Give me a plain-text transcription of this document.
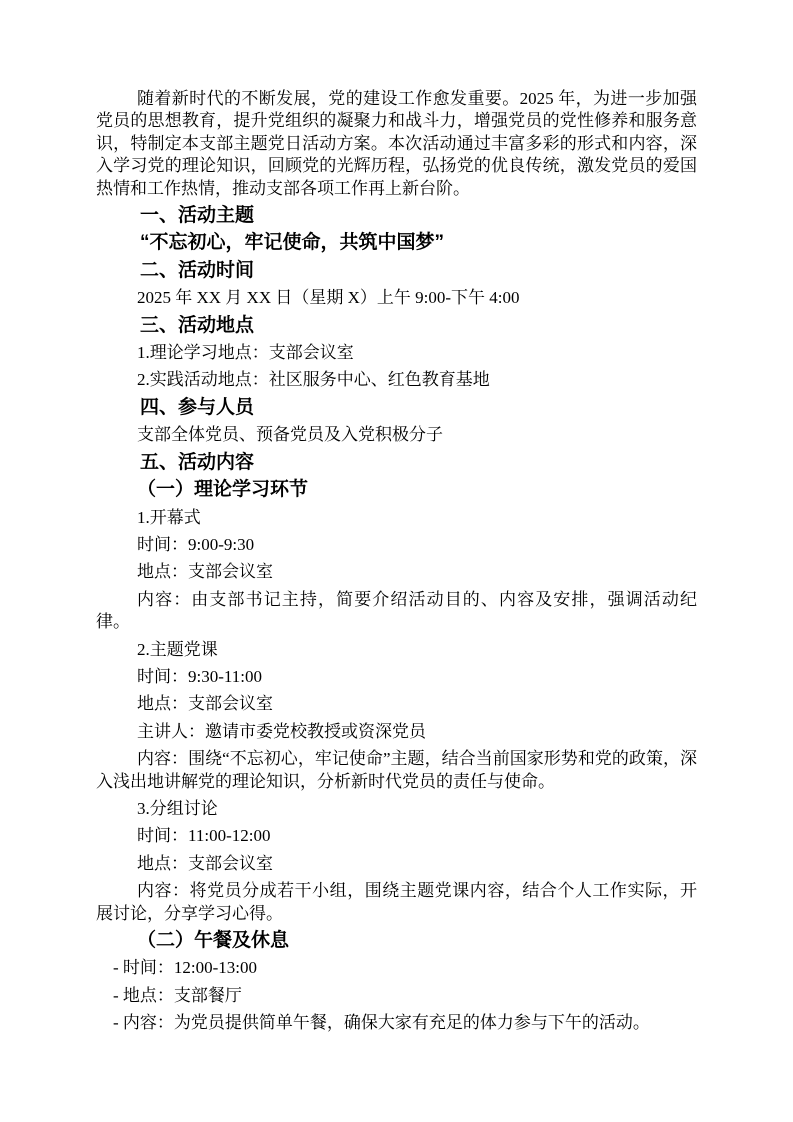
随着新时代的不断发展，党的建设工作愈发重要。2025 年，为进一步加强党员的思想教育，提升党组织的凝聚力和战斗力，增强党员的党性修养和服务意识，特制定本支部主题党日活动方案。本次活动通过丰富多彩的形式和内容，深入学习党的理论知识，回顾党的光辉历程，弘扬党的优良传统，激发党员的爱国热情和工作热情，推动支部各项工作再上新台阶。

一、活动主题

“不忘初心，牢记使命，共筑中国梦”

二、活动时间

2025 年 XX 月 XX 日（星期 X）上午 9:00-下午 4:00

三、活动地点

1.理论学习地点：支部会议室

2.实践活动地点：社区服务中心、红色教育基地

四、参与人员

支部全体党员、预备党员及入党积极分子

五、活动内容

（一）理论学习环节

1.开幕式

时间：9:00-9:30

地点：支部会议室

内容：由支部书记主持，简要介绍活动目的、内容及安排，强调活动纪律。

2.主题党课

时间：9:30-11:00

地点：支部会议室

主讲人：邀请市委党校教授或资深党员

内容：围绕“不忘初心，牢记使命”主题，结合当前国家形势和党的政策，深入浅出地讲解党的理论知识，分析新时代党员的责任与使命。

3.分组讨论

时间：11:00-12:00

地点：支部会议室

内容：将党员分成若干小组，围绕主题党课内容，结合个人工作实际，开展讨论，分享学习心得。

（二）午餐及休息

- 时间：12:00-13:00

- 地点：支部餐厅

- 内容：为党员提供简单午餐，确保大家有充足的体力参与下午的活动。
